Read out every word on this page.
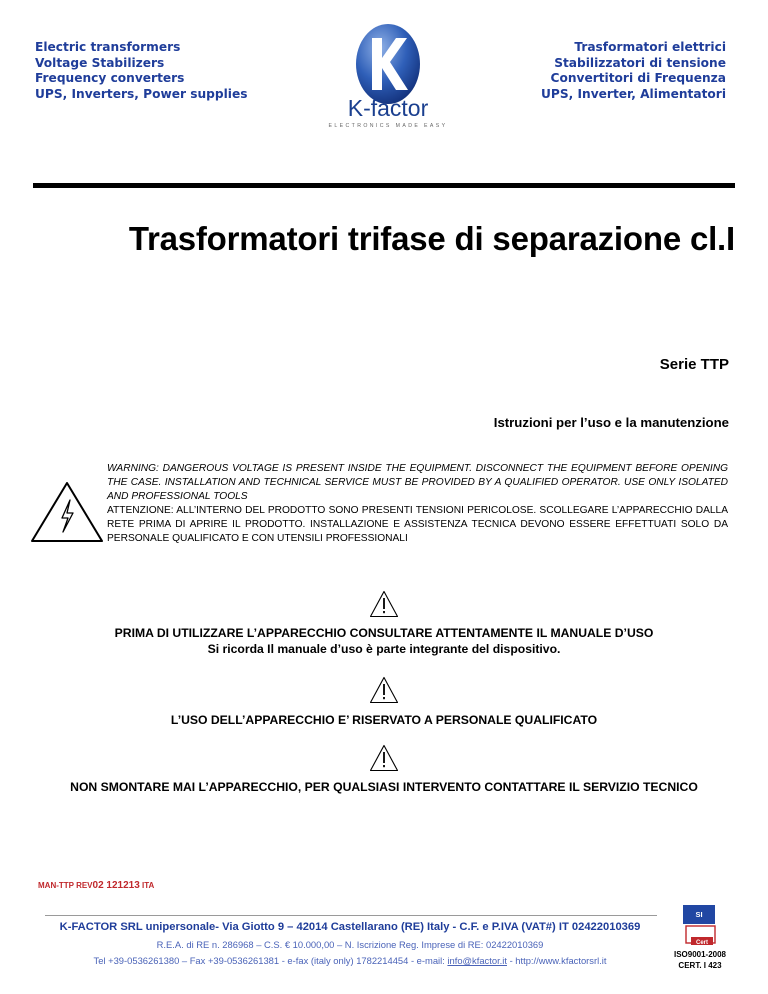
Electric transformers
Voltage Stabilizers
Frequency converters
UPS, Inverters, Power supplies
K-factor
ELECTRONICS MADE EASY
Trasformatori elettrici
Stabilizzatori di tensione
Convertitori di Frequenza
UPS, Inverter, Alimentatori
Trasformatori trifase di separazione cl.I
Serie TTP
Istruzioni per l’uso e la manutenzione
WARNING: DANGEROUS VOLTAGE IS PRESENT INSIDE THE EQUIPMENT. DISCONNECT THE EQUIPMENT BEFORE OPENING THE CASE. INSTALLATION AND TECHNICAL SERVICE MUST BE PROVIDED BY A QUALIFIED OPERATOR. USE ONLY ISOLATED AND PROFESSIONAL TOOLS
ATTENZIONE: ALL’INTERNO DEL PRODOTTO SONO PRESENTI TENSIONI PERICOLOSE. SCOLLEGARE L’APPARECCHIO DALLA RETE PRIMA DI APRIRE IL PRODOTTO. INSTALLAZIONE E ASSISTENZA TECNICA DEVONO ESSERE EFFETTUATI SOLO DA PERSONALE QUALIFICATO E CON UTENSILI PROFESSIONALI
PRIMA DI UTILIZZARE L’APPARECCHIO CONSULTARE ATTENTAMENTE IL MANUALE D’USO
Si ricorda Il manuale d’uso è parte integrante del dispositivo.
L’USO DELL’APPARECCHIO E’ RISERVATO A PERSONALE QUALIFICATO
NON SMONTARE MAI L’APPARECCHIO, PER QUALSIASI INTERVENTO CONTATTARE IL SERVIZIO TECNICO
MAN-TTP REV02 121213 ITA
K-FACTOR SRL unipersonale- Via Giotto 9 – 42014 Castellarano (RE) Italy - C.F. e P.IVA (VAT#) IT 02422010369
R.E.A. di RE n. 286968 – C.S. € 10.000,00 – N. Iscrizione Reg. Imprese di RE: 02422010369
Tel +39-0536261380 – Fax +39-0536261381 - e-fax (italy only) 1782214454 - e-mail: info@kfactor.it - http://www.kfactorsrl.it
SI
Cert
ISO9001-2008
CERT. I 423
